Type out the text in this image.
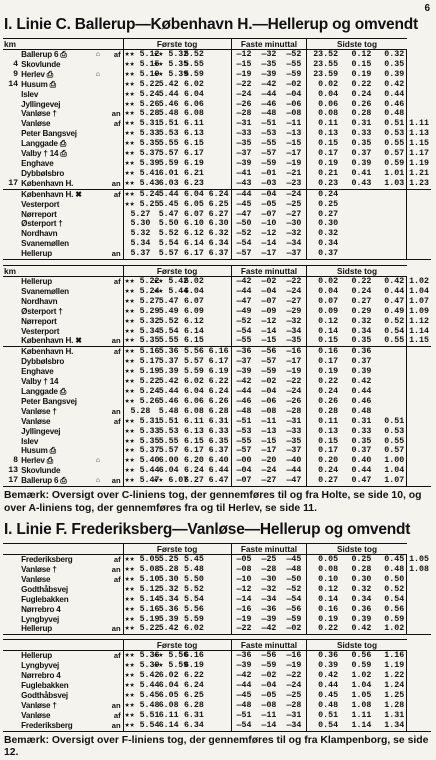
6
I. Linie C. Ballerup—København H.—Hellerup og omvendt
km				Første tog				Faste minuttal			Sidste tog			
	Ballerup 6 ⎙	⌂	af	★★ 5.12	★★ 5.32	5.52		—12	—32	—52	23.52	0.12	0.32	
4	Skovlunde			★★ 5.15	★★ 5.35	5.55		—15	—35	—55	23.55	0.15	0.35	
9	Herlev ⎙	⌂		★★ 5.19	★★ 5.39	5.59		—19	—39	—59	23.59	0.19	0.39	
14	Husum ⎙			★★ 5.22	5.42	6.02		—22	—42	—02	0.02	0.22	0.42	
	Islev			★★ 5.24	5.44	6.04		—24	—44	—04	0.04	0.24	0.44	
	Jyllingevej			★★ 5.26	5.46	6.06		—26	—46	—06	0.06	0.26	0.46	
	Vanløse †		an	★★ 5.28	5.48	6.08		—28	—48	—08	0.08	0.28	0.48	
	Vanløse		af	★★ 5.31	5.51	6.11		—31	—51	—11	0.11	0.31	0.51	1.11
	Peter Bangsvej			★★ 5.33	5.53	6.13		—33	—53	—13	0.13	0.33	0.53	1.13
	Langgade ⎙			★★ 5.35	5.55	6.15		—35	—55	—15	0.15	0.35	0.55	1.15
	Valby † 14 ⎙			★★ 5.37	5.57	6.17		—37	—57	—17	0.17	0.37	0.57	1.17
	Enghave			★★ 5.39	5.59	6.19		—39	—59	—19	0.19	0.39	0.59	1.19
	Dybbølsbro			★★ 5.41	6.01	6.21		—41	—01	—21	0.21	0.41	1.01	1.21
17	København H.		an	★★ 5.43	6.03	6.23		—43	—03	—23	0.23	0.43	1.03	1.23
	København H. ✖		af	★★ 5.24	5.44	6.04	6.24	—44	—04	—24	0.24			
	Vesterport			★★ 5.25	5.45	6.05	6.25	—45	—05	—25	0.25			
	Nørreport			5.27	5.47	6.07	6.27	—47	—07	—27	0.27			
	Østerport †			5.30	5.50	6.10	6.30	—50	—10	—30	0.30			
	Nordhavn			5.32	5.52	6.12	6.32	—52	—12	—32	0.32			
	Svanemøllen			5.34	5.54	6.14	6.34	—54	—14	—34	0.34			
	Hellerup		an	5.37	5.57	6.17	6.37	—57	—17	—37	0.37			
km				Første tog				Faste minuttal			Sidste tog			
	Hellerup		af	★★ 5.22	★★ 5.42	6.02		—42	—02	—22	0.02	0.22	0.42	1.02
	Svanemøllen			★★ 5.24	★★ 5.44	6.04		—44	—04	—24	0.04	0.24	0.44	1.04
	Nordhavn			★★ 5.27	5.47	6.07		—47	—07	—27	0.07	0.27	0.47	1.07
	Østerport †			★★ 5.29	5.49	6.09		—49	—09	—29	0.09	0.29	0.49	1.09
	Nørreport			★★ 5.32	5.52	6.12		—52	—12	—32	0.12	0.32	0.52	1.12
	Vesterport			★★ 5.34	5.54	6.14		—54	—14	—34	0.14	0.34	0.54	1.14
	København H. ✖		an	★★ 5.35	5.55	6.15		—55	—15	—35	0.15	0.35	0.55	1.15
	København H.		af	★★ 5.16	5.36	5.56	6.16	—36	—56	—16	0.16	0.36		
	Dybbølsbro			★★ 5.17	5.37	5.57	6.17	—37	—57	—17	0.17	0.37		
	Enghave			★★ 5.19	5.39	5.59	6.19	—39	—59	—19	0.19	0.39		
	Valby † 14			★★ 5.22	5.42	6.02	6.22	—42	—02	—22	0.22	0.42		
	Langgade ⎙			★★ 5.24	5.44	6.04	6.24	—44	—04	—24	0.24	0.44		
	Peter Bangsvej			★★ 5.26	5.46	6.06	6.26	—46	—06	—26	0.26	0.46		
	Vanløse †		an	5.28	5.48	6.08	6.28	—48	—08	—28	0.28	0.48		
	Vanløse		af	★★ 5.31	5.51	6.11	6.31	—51	—11	—31	0.11	0.31	0.51	
	Jyllingevej			★★ 5.33	5.53	6.13	6.33	—53	—13	—33	0.13	0.33	0.53	
	Islev			★★ 5.35	5.55	6.15	6.35	—55	—15	—35	0.15	0.35	0.55	
	Husum ⎙			★★ 5.37	5.57	6.17	6.37	—57	—17	—37	0.17	0.37	0.57	
8	Herlev ⎙	⌂		★★ 5.40	6.00	6.20	6.40	—00	—20	—40	0.20	0.40	1.00	
13	Skovlunde			★★ 5.44	6.04	6.24	6.44	—04	—24	—44	0.24	0.44	1.04	
17	Ballerup 6 ⎙	⌂	an	★★ 5.47	★★ 6.07	6.27	6.47	—07	—27	—47	0.27	0.47	1.07	
Bemærk: Oversigt over C-liniens tog, der gennemføres til og fra Holte, se side 10, og over A-liniens tog, der gennemføres fra og til Herlev, se side 11.
I. Linie F. Frederiksberg—Vanløse—Hellerup og omvendt
				Første tog				Faste minuttal			Sidste tog			
	Frederiksberg		af	★★ 5.05	5.25	5.45		—05	—25	—45	0.05	0.25	0.45	1.05
	Vanløse †		an	★★ 5.08	5.28	5.48		—08	—28	—48	0.08	0.28	0.48	1.08
	Vanløse		af	★★ 5.10	5.30	5.50		—10	—30	—50	0.10	0.30	0.50	
	Godthåbsvej			★★ 5.12	5.32	5.52		—12	—32	—52	0.12	0.32	0.52	
	Fuglebakken			★★ 5.14	5.34	5.54		—14	—34	—54	0.14	0.34	0.54	
	Nørrebro 4			★★ 5.16	5.36	5.56		—16	—36	—56	0.16	0.36	0.56	
	Lyngbyvej			★★ 5.19	5.39	5.59		—19	—39	—59	0.19	0.39	0.59	
	Hellerup		an	★★ 5.22	5.42	6.02		—22	—42	—02	0.22	0.42	1.02	
				Første tog				Faste minuttal			Sidste tog			
	Hellerup		af	★★ 5.36	★★ 5.56	6.16		—36	—56	—16	0.36	0.56	1.16	
	Lyngbyvej			★★ 5.39	★★ 5.59	6.19		—39	—59	—19	0.39	0.59	1.19	
	Nørrebro 4			★★ 5.42	6.02	6.22		—42	—02	—22	0.42	1.02	1.22	
	Fuglebakken			★★ 5.44	6.04	6.24		—44	—04	—24	0.44	1.04	1.24	
	Godthåbsvej			★★ 5.45	6.05	6.25		—45	—05	—25	0.45	1.05	1.25	
	Vanløse †		an	★★ 5.48	6.08	6.28		—48	—08	—28	0.48	1.08	1.28	
	Vanløse		af	★★ 5.51	6.11	6.31		—51	—11	—31	0.51	1.11	1.31	
	Frederiksberg		an	★★ 5.54	6.14	6.34		—54	—14	—34	0.54	1.14	1.34	
Bemærk: Oversigt over F-liniens tog, der gennemføres til og fra Klampenborg, se side 12.
